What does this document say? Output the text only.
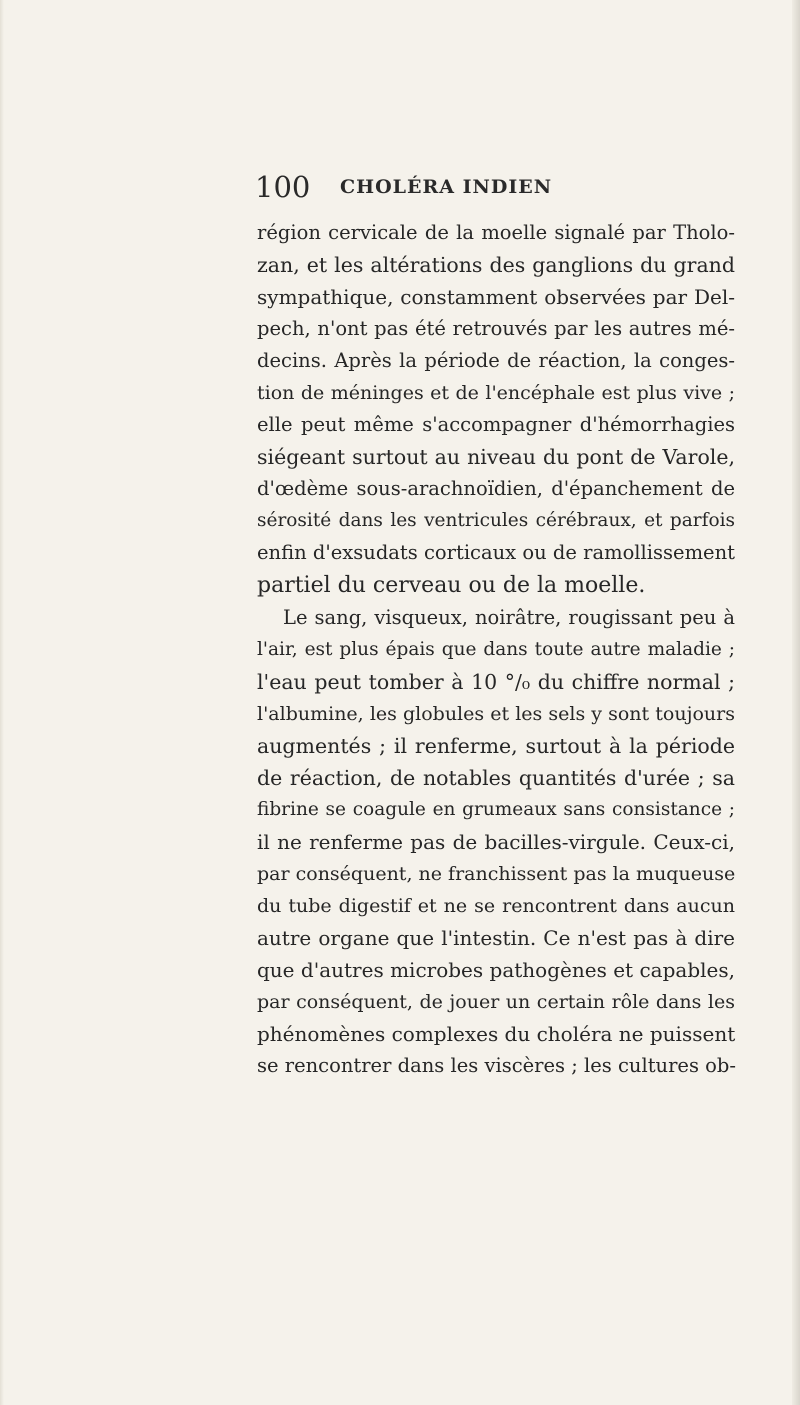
100 CHOLÉRA INDIEN
région cervicale de la moelle signalé par Tholo-
zan, et les altérations des ganglions du grand
sympathique, constamment observées par Del-
pech, n'ont pas été retrouvés par les autres mé-
decins. Après la période de réaction, la conges-
tion de méninges et de l'encéphale est plus vive ;
elle peut même s'accompagner d'hémorrhagies
siégeant surtout au niveau du pont de Varole,
d'œdème sous-arachnoïdien, d'épanchement de
sérosité dans les ventricules cérébraux, et parfois
enfin d'exsudats corticaux ou de ramollissement
partiel du cerveau ou de la moelle.
Le sang, visqueux, noirâtre, rougissant peu à
l'air, est plus épais que dans toute autre maladie ;
l'eau peut tomber à 10 °/₀ du chiffre normal ;
l'albumine, les globules et les sels y sont toujours
augmentés ; il renferme, surtout à la période
de réaction, de notables quantités d'urée ; sa
fibrine se coagule en grumeaux sans consistance ;
il ne renferme pas de bacilles-virgule. Ceux-ci,
par conséquent, ne franchissent pas la muqueuse
du tube digestif et ne se rencontrent dans aucun
autre organe que l'intestin. Ce n'est pas à dire
que d'autres microbes pathogènes et capables,
par conséquent, de jouer un certain rôle dans les
phénomènes complexes du choléra ne puissent
se rencontrer dans les viscères ; les cultures ob-
